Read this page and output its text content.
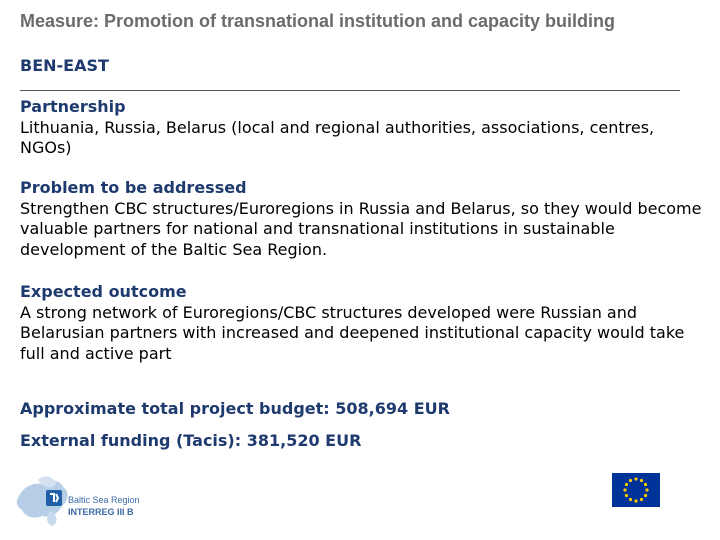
Measure: Promotion of transnational institution and capacity building
BEN-EAST
Partnership
Lithuania, Russia, Belarus (local and regional authorities, associations, centres, NGOs)
Problem to be addressed
Strengthen CBC structures/Euroregions in Russia and Belarus, so they would become valuable partners for national and transnational institutions in sustainable development of the Baltic Sea Region.
Expected outcome
A strong network of Euroregions/CBC structures developed were Russian and Belarusian partners with increased and deepened institutional capacity would take full and active part
Approximate total project budget: 508,694 EUR
External funding (Tacis): 381,520 EUR
Baltic Sea Region
INTERREG III B
